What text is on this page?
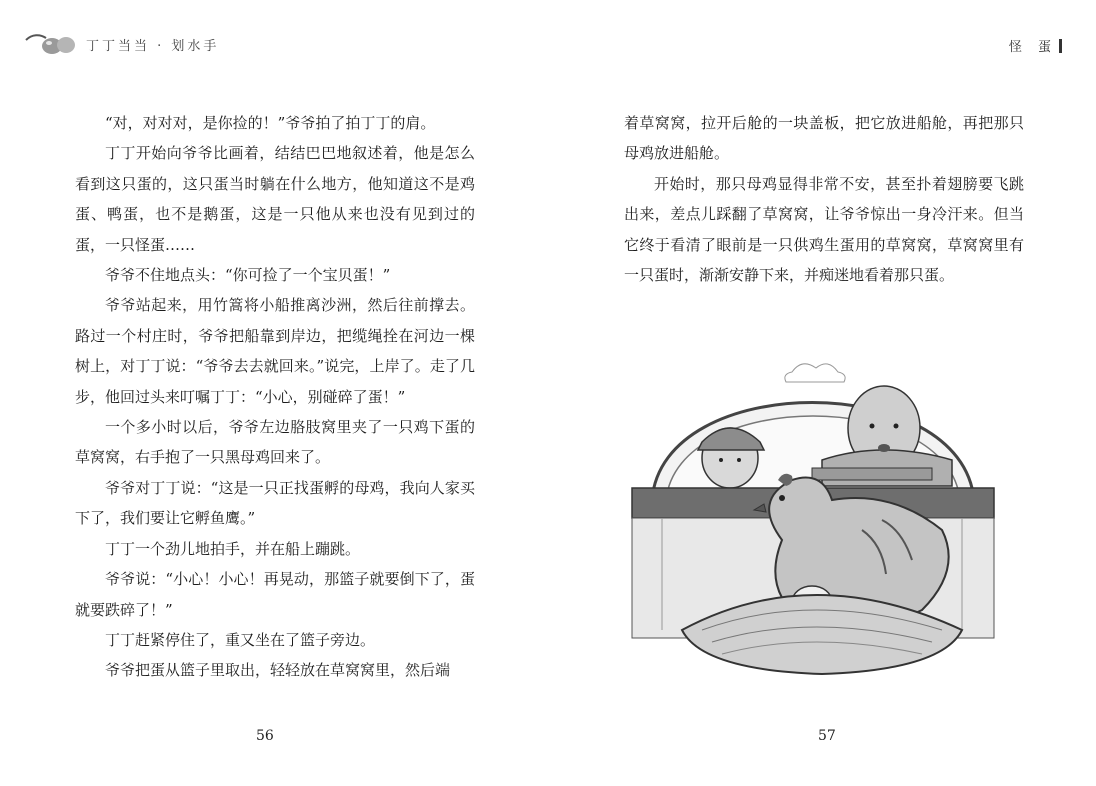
丁丁当当 · 划水手	怪 蛋

“对，对对对，是你捡的！”爷爷拍了拍丁丁的肩。

丁丁开始向爷爷比画着，结结巴巴地叙述着，他是怎么看到这只蛋的，这只蛋当时躺在什么地方，他知道这不是鸡蛋、鸭蛋，也不是鹅蛋，这是一只他从来也没有见到过的蛋，一只怪蛋……

爷爷不住地点头：“你可捡了一个宝贝蛋！”

爷爷站起来，用竹篙将小船推离沙洲，然后往前撑去。路过一个村庄时，爷爷把船靠到岸边，把缆绳拴在河边一棵树上，对丁丁说：“爷爷去去就回来。”说完，上岸了。走了几步，他回过头来叮嘱丁丁：“小心，别碰碎了蛋！”

一个多小时以后，爷爷左边胳肢窝里夹了一只鸡下蛋的草窝窝，右手抱了一只黑母鸡回来了。

爷爷对丁丁说：“这是一只正找蛋孵的母鸡，我向人家买下了，我们要让它孵鱼鹰。”

丁丁一个劲儿地拍手，并在船上蹦跳。

爷爷说：“小心！小心！再晃动，那篮子就要倒下了，蛋就要跌碎了！”

丁丁赶紧停住了，重又坐在了篮子旁边。

爷爷把蛋从篮子里取出，轻轻放在草窝窝里，然后端

着草窝窝，拉开后舱的一块盖板，把它放进船舱，再把那只母鸡放进船舱。

开始时，那只母鸡显得非常不安，甚至扑着翅膀要飞跳出来，差点儿踩翻了草窝窝，让爷爷惊出一身冷汗来。但当它终于看清了眼前是一只供鸡生蛋用的草窝窝，草窝窝里有一只蛋时，渐渐安静下来，并痴迷地看着那只蛋。

56	57
